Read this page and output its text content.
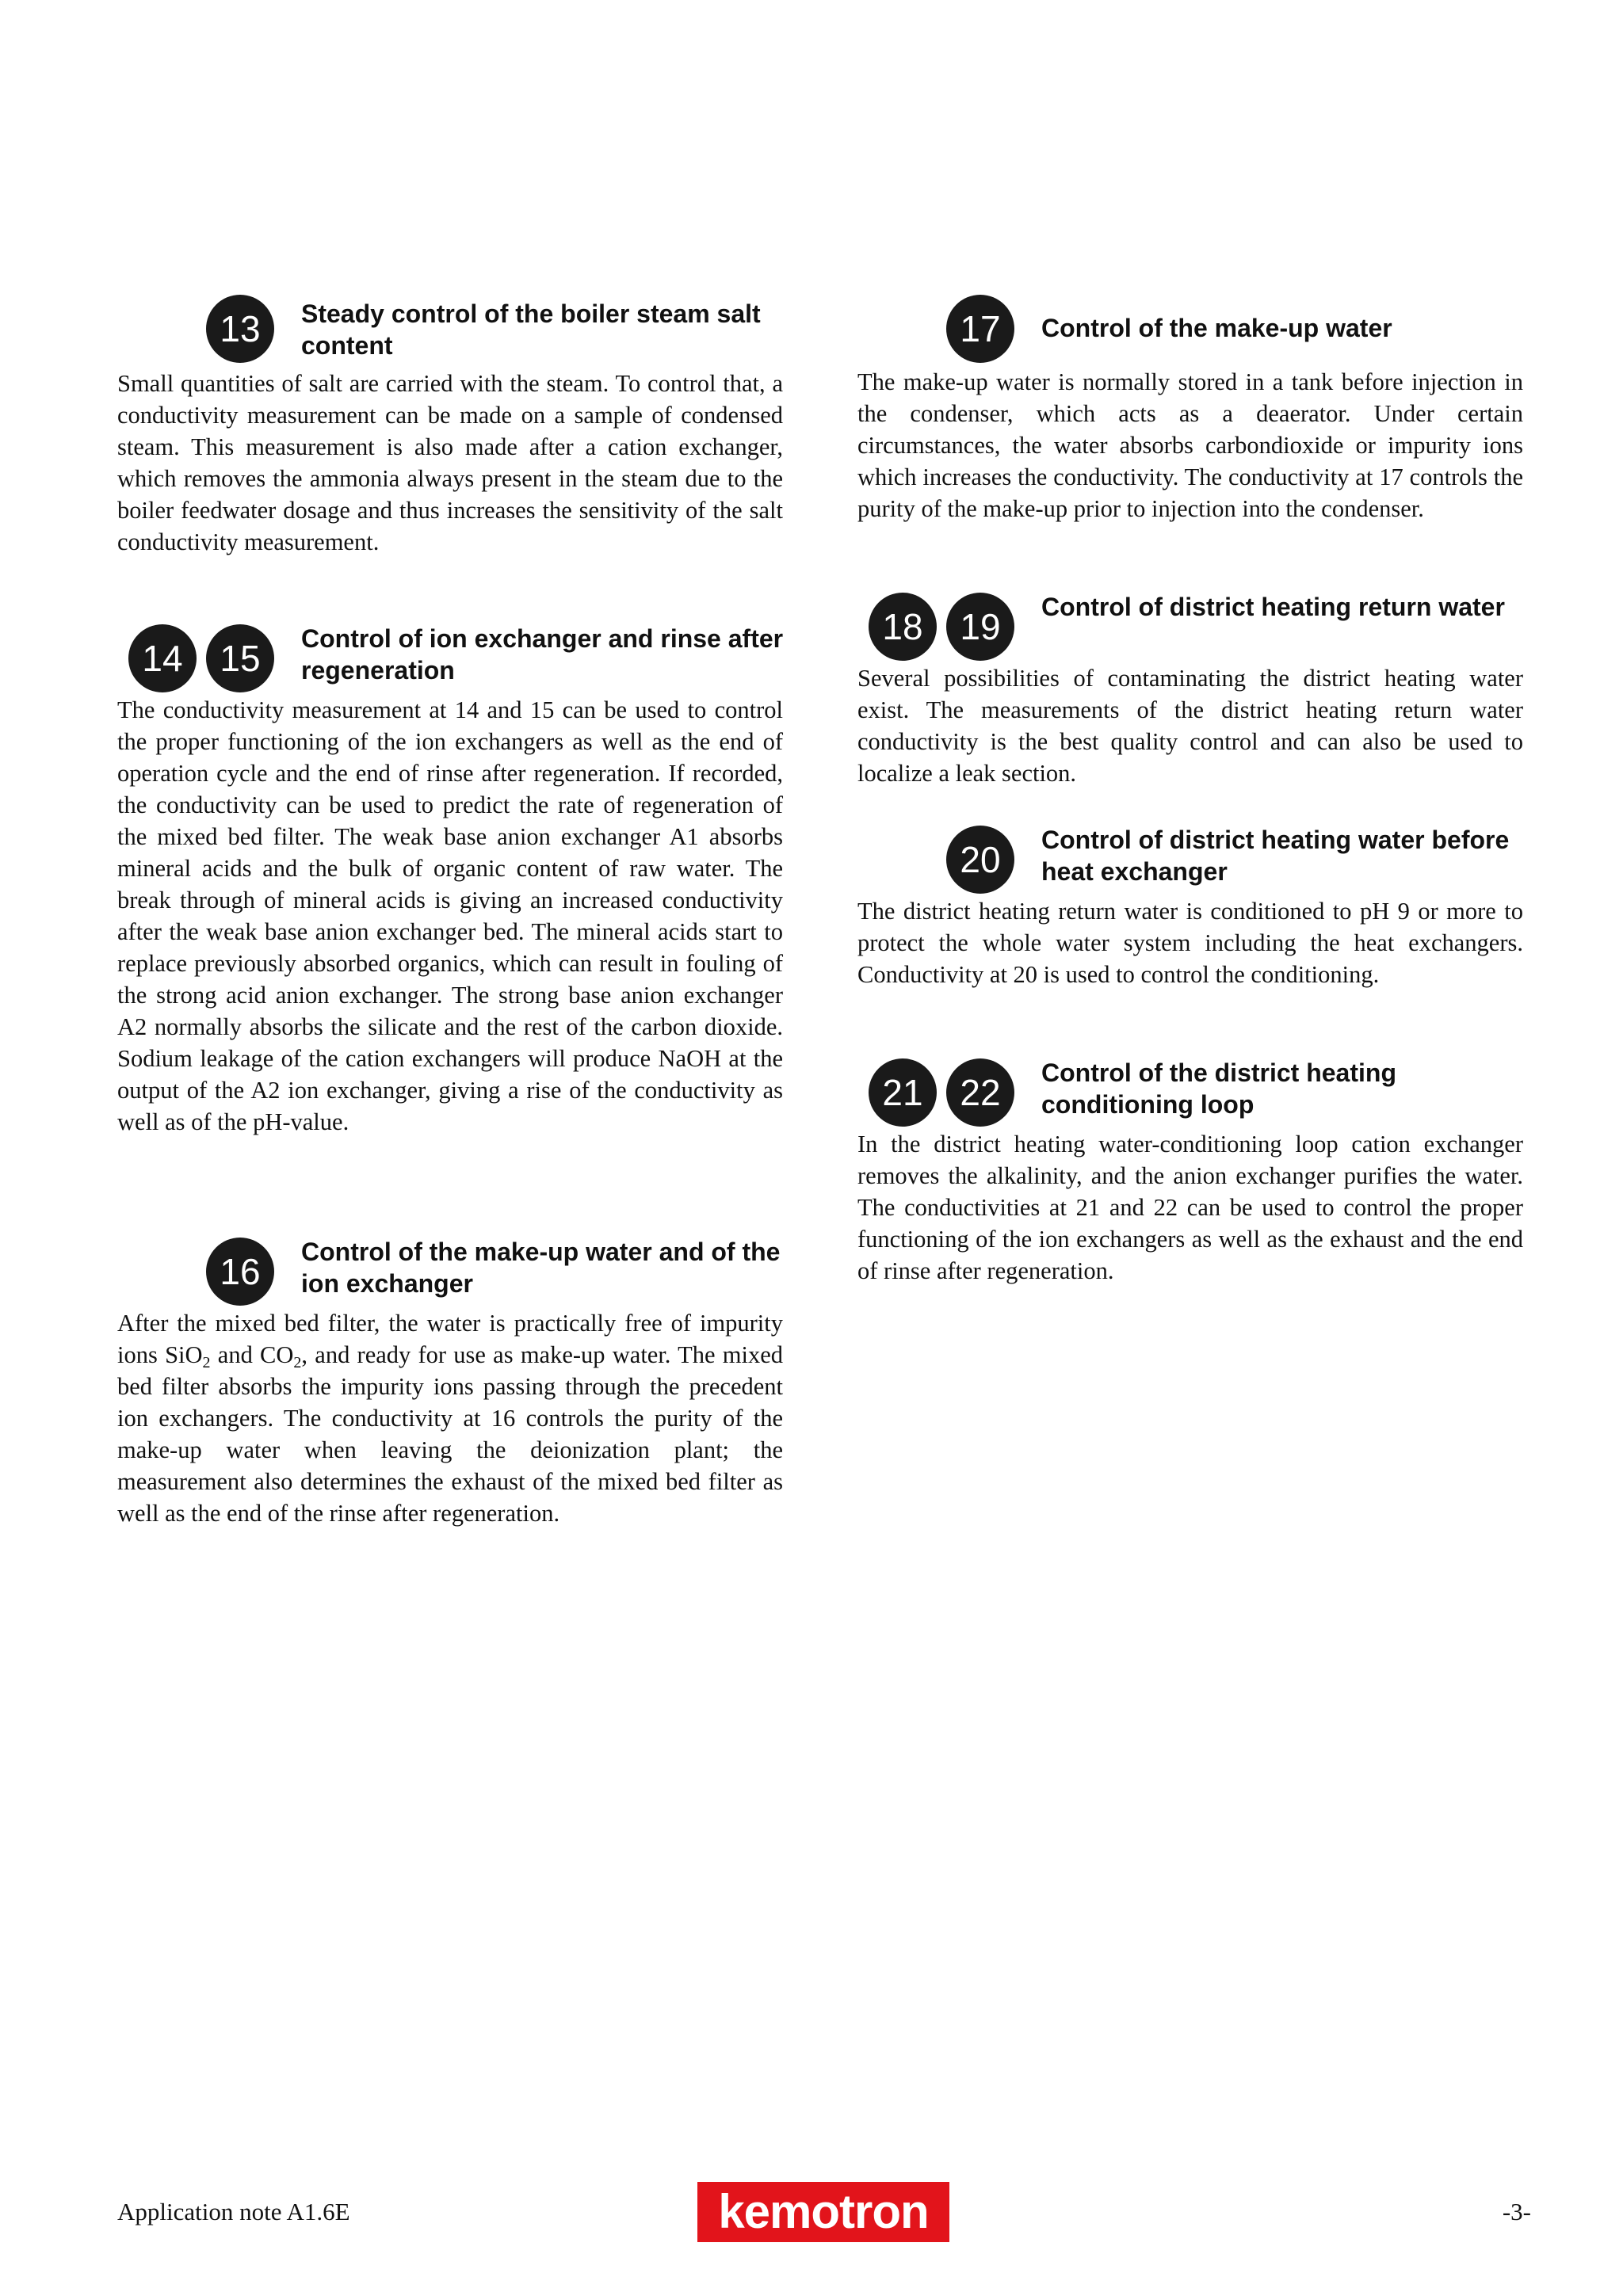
13	Steady control of the boiler steam salt content

Small quantities of salt are carried with the steam. To control that, a conductivity measurement can be made on a sample of condensed steam. This measurement is also made after a cation exchanger, which removes the ammonia always present in the steam due to the boiler feedwater dosage and thus increases the sensitivity of the salt conductivity measurement.

14	15	Control of ion exchanger and rinse after regeneration

The conductivity measurement at 14 and 15 can be used to control the proper functioning of the ion exchangers as well as the end of operation cycle and the end of rinse after regeneration. If recorded, the conductivity can be used to predict the rate of regeneration of the mixed bed filter. The weak base anion exchanger A1 absorbs mineral acids and the bulk of organic content of raw water. The break through of mineral acids is giving an increased conductivity after the weak base anion exchanger bed. The mineral acids start to replace previously absorbed organics, which can result in fouling of the strong acid anion exchanger. The strong base anion exchanger A2 normally absorbs the silicate and the rest of the carbon dioxide. Sodium leakage of the cation exchangers will produce NaOH at the output of the A2 ion exchanger, giving a rise of the conductivity as well as of the pH-value.

16	Control of the make-up water and of the ion exchanger

After the mixed bed filter, the water is practically free of impurity ions SiO$_2$ and $CO_2$, and ready for use as make-up water. The mixed bed filter absorbs the impurity ions passing through the precedent ion exchangers. The conductivity at 16 controls the purity of the make-up water when leaving the deionization plant; the measurement also determines the exhaust of the mixed bed filter as well as the end of the rinse after regeneration.

17	Control of the make-up water

The make-up water is normally stored in a tank before injection in the condenser, which acts as a deaerator. Under certain circumstances, the water absorbs carbondioxide or impurity ions which increases the conductivity. The conductivity at 17 controls the purity of the make-up prior to injection into the condenser.

18	19	Control of district heating return water

Several possibilities of contaminating the district heating water exist. The measurements of the district heating return water conductivity is the best quality control and can also be used to localize a leak section.

20	Control of district heating water before heat exchanger

The district heating return water is conditioned to pH 9 or more to protect the whole water system including the heat exchangers. Conductivity at 20 is used to control the conditioning.

21	22	Control of the district heating conditioning loop

In the district heating water-conditioning loop cation exchanger removes the alkalinity, and the anion exchanger purifies the water. The conductivities at 21 and 22 can be used to control the proper functioning of the ion exchangers as well as the exhaust and the end of rinse after regeneration.

Application note A1.6E	kemotron	-3-
